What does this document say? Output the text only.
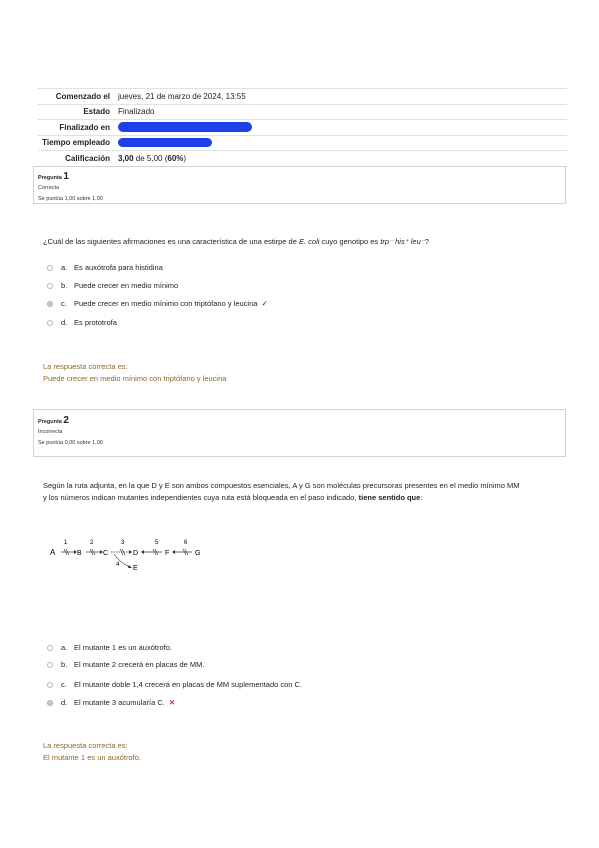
Comenzado el	jueves, 21 de marzo de 2024, 13:55
Estado	Finalizado
Finalizado en
Tiempo empleado
Calificación	3,00 de 5,00 (60%)
Pregunta 1
Correcta
Se puntúa 1,00 sobre 1,00
¿Cuál de las siguientes afirmaciones es una característica de una estirpe de E. coli cuyo genotipo es trp⁻ his⁺ leu⁻?
a. Es auxótrofa para histidina
b. Puede crecer en medio mínimo
c. Puede crecer en medio mínimo con triptófano y leucina ✓
d. Es prototrofa
La respuesta correcta es:
Puede crecer en medio mínimo con triptófano y leucina
Pregunta 2
Incorrecta
Se puntúa 0,00 sobre 1,00
Según la ruta adjunta, en la que D y E son ambos compuestos esenciales, A y G son moléculas precursoras presentes en el medio mínimo MM
y los números indican mutantes independientes cuya ruta está bloqueada en el paso indicado, tiene sentido que:
A
1
B
2
C
3
4 E
D
5
F
6
G
a. El mutante 1 es un auxótrofo.
b. El mutante 2 crecerá en placas de MM.
c. El mutante doble 1,4 crecerá en placas de MM suplementado con C.
d. El mutante 3 acumularía C. ✕
La respuesta correcta es:
El mutante 1 es un auxótrofo.
